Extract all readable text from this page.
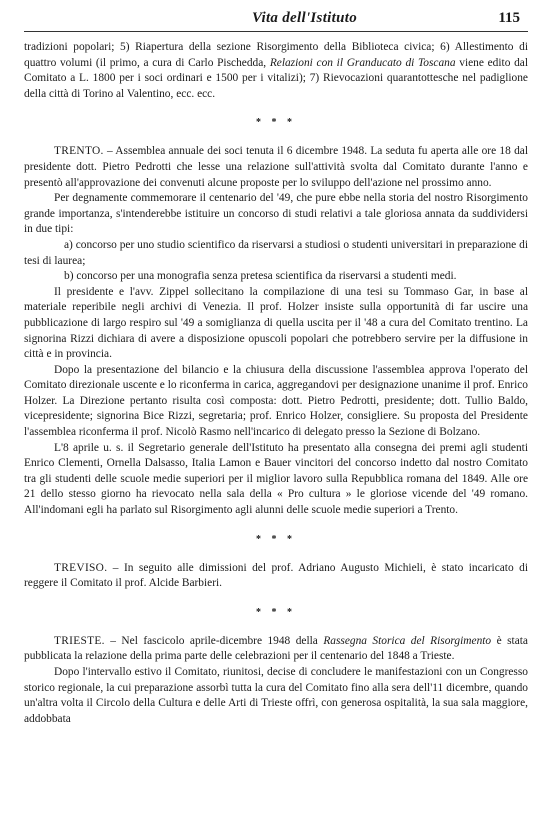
Vita dell'Istituto	115

tradizioni popolari; 5) Riapertura della sezione Risorgimento della Biblioteca civica; 6) Allestimento di quattro volumi (il primo, a cura di Carlo Pischedda, Relazioni con il Granducato di Toscana viene edito dal Comitato a L. 1800 per i soci ordinari e 1500 per i vitalizi); 7) Rievocazioni quarantottesche nel padiglione della città di Torino al Valentino, ecc. ecc.

* * *

TRENTO. – Assemblea annuale dei soci tenuta il 6 dicembre 1948. La seduta fu aperta alle ore 18 dal presidente dott. Pietro Pedrotti che lesse una relazione sull'attività svolta dal Comitato durante l'anno e presentò all'approvazione dei convenuti alcune proposte per lo sviluppo dell'azione nel prossimo anno.

Per degnamente commemorare il centenario del '49, che pure ebbe nella storia del nostro Risorgimento grande importanza, s'intenderebbe istituire un concorso di studi relativi a tale gloriosa annata da suddividersi in due tipi:

a) concorso per uno studio scientifico da riservarsi a studiosi o studenti universitari in preparazione di tesi di laurea;

b) concorso per una monografia senza pretesa scientifica da riservarsi a studenti medi.

Il presidente e l'avv. Zippel sollecitano la compilazione di una tesi su Tommaso Gar, in base al materiale reperibile negli archivi di Venezia. Il prof. Holzer insiste sulla opportunità di far uscire una pubblicazione di largo respiro sul '49 a somiglianza di quella uscita per il '48 a cura del Comitato trentino. La signorina Rizzi dichiara di avere a disposizione opuscoli popolari che potrebbero servire per la diffusione in città e in provincia.

Dopo la presentazione del bilancio e la chiusura della discussione l'assemblea approva l'operato del Comitato direzionale uscente e lo riconferma in carica, aggregandovi per designazione unanime il prof. Enrico Holzer. La Direzione pertanto risulta così composta: dott. Pietro Pedrotti, presidente; dott. Tullio Baldo, vicepresidente; signorina Bice Rizzi, segretaria; prof. Enrico Holzer, consigliere. Su proposta del Presidente l'assemblea riconferma il prof. Nicolò Rasmo nell'incarico di delegato presso la Sezione di Bolzano.

L'8 aprile u. s. il Segretario generale dell'Istituto ha presentato alla consegna dei premi agli studenti Enrico Clementi, Ornella Dalsasso, Italia Lamon e Bauer vincitori del concorso indetto dal nostro Comitato tra gli studenti delle scuole medie superiori per il miglior lavoro sulla Repubblica romana del 1849. Alle ore 21 dello stesso giorno ha rievocato nella sala della « Pro cultura » le gloriose vicende del '49 romano. All'indomani egli ha parlato sul Risorgimento agli alunni delle scuole medie superiori a Trento.

* * *

TREVISO. – In seguito alle dimissioni del prof. Adriano Augusto Michieli, è stato incaricato di reggere il Comitato il prof. Alcide Barbieri.

* * *

TRIESTE. – Nel fascicolo aprile-dicembre 1948 della Rassegna Storica del Risorgimento è stata pubblicata la relazione della prima parte delle celebrazioni per il centenario del 1848 a Trieste.

Dopo l'intervallo estivo il Comitato, riunitosi, decise di concludere le manifestazioni con un Congresso storico regionale, la cui preparazione assorbì tutta la cura del Comitato fino alla sera dell'11 dicembre, quando un'altra volta il Circolo della Cultura e delle Arti di Trieste offrì, con generosa ospitalità, la sua sala maggiore, addobbata
